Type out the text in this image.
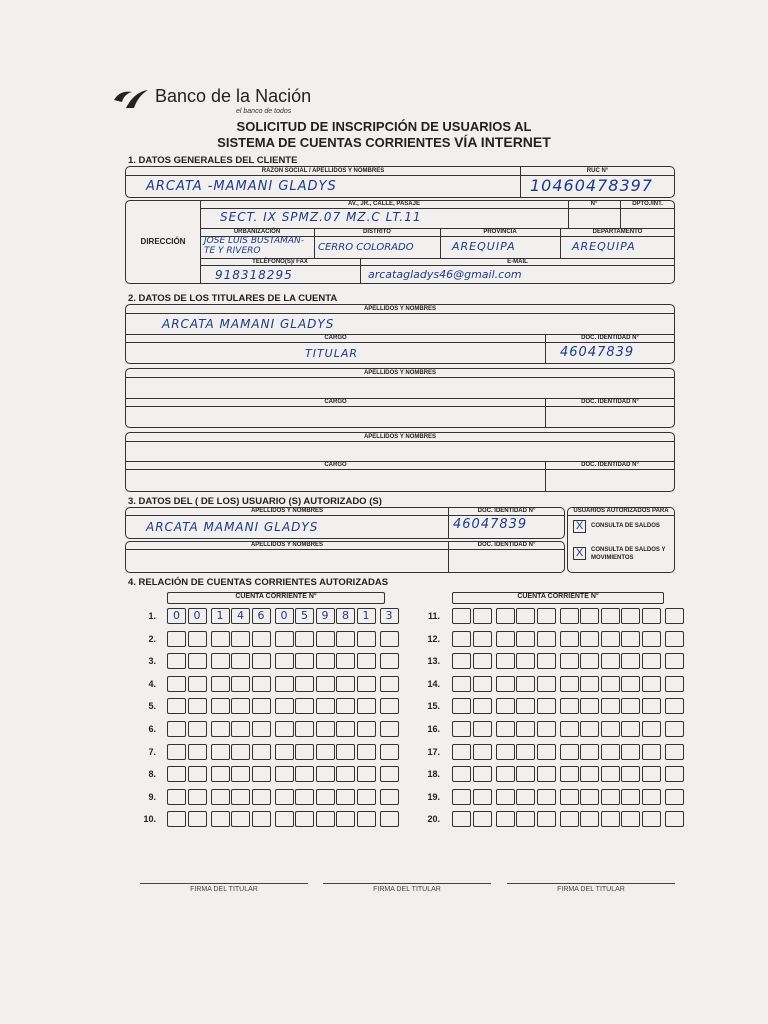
Banco de la Nación
el banco de todos
SOLICITUD DE INSCRIPCIÓN DE USUARIOS AL
SISTEMA DE CUENTAS CORRIENTES VÍA INTERNET
1. DATOS GENERALES DEL CLIENTE
RAZÓN SOCIAL / APELLIDOS Y NOMBRES	RUC N°
ARCATA -MAMANI GLADYS	10460478397
DIRECCIÓN
AV., JR., CALLE, PASAJE	N°	DPTO./INT.
SECT. IX SPMZ.07 MZ.C LT.11
URBANIZACIÓN	DISTRITO	PROVINCIA	DEPARTAMENTO
JOSE LUIS BUSTAMAN-
TE Y RIVERO	CERRO COLORADO	AREQUIPA	AREQUIPA
TELÉFONO(S)/ FAX	E-MAIL
918318295	arcatagladys46@gmail.com
2. DATOS DE LOS TITULARES DE LA CUENTA
APELLIDOS Y NOMBRES
CARGO	DOC. IDENTIDAD N°
ARCATA MAMANI GLADYS
TITULAR	46047839
APELLIDOS Y NOMBRES
CARGO	DOC. IDENTIDAD N°
APELLIDOS Y NOMBRES
CARGO	DOC. IDENTIDAD N°
3. DATOS DEL ( DE LOS) USUARIO (S) AUTORIZADO (S)
APELLIDOS Y NOMBRES	DOC. IDENTIDAD N°
ARCATA MAMANI GLADYS	46047839
APELLIDOS Y NOMBRES	DOC. IDENTIDAD N°
USUARIOS AUTORIZADOS PARA
X	CONSULTA DE SALDOS
X	CONSULTA DE SALDOS Y MOVIMIENTOS
4. RELACIÓN DE CUENTAS CORRIENTES AUTORIZADAS
CUENTA CORRIENTE N°	CUENTA CORRIENTE N°
1.	0	0	1	4	6	0	5	9	8	1	3
2.
3.
4.
5.
6.
7.
8.
9.
10.
11.
12.
13.
14.
15.
16.
17.
18.
19.
20.
FIRMA DEL TITULAR	FIRMA DEL TITULAR	FIRMA DEL TITULAR
